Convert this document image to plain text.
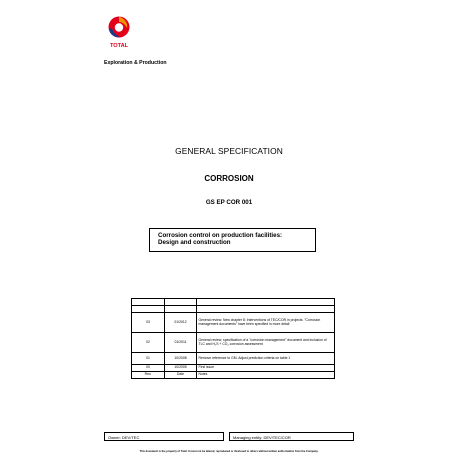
TOTAL
Exploration & Production
GENERAL SPECIFICATION
CORROSION
GS EP COR 001
Corrosion control on production facilities:
Design and construction

03	01/2012	General review. New chapter 8: Interventions of TEC/COR in projects. "Corrosion management documents" have been specified in more detail
02	01/2011	General review, specification of a "corrosion management" document and inclusion of TLC and H₂S + CO₂ corrosion assessment
01	10/2008	Remove reference to GM. Adjust prediction criteria on table 1
00	10/2005	First issue
Rev.	Date	Notes
Owner: DEV/TEC	Managing entity: DEV/TEC/COR
This document is the property of Total. It must not be altered, reproduced or disclosed to others without written authorisation from the Company.
